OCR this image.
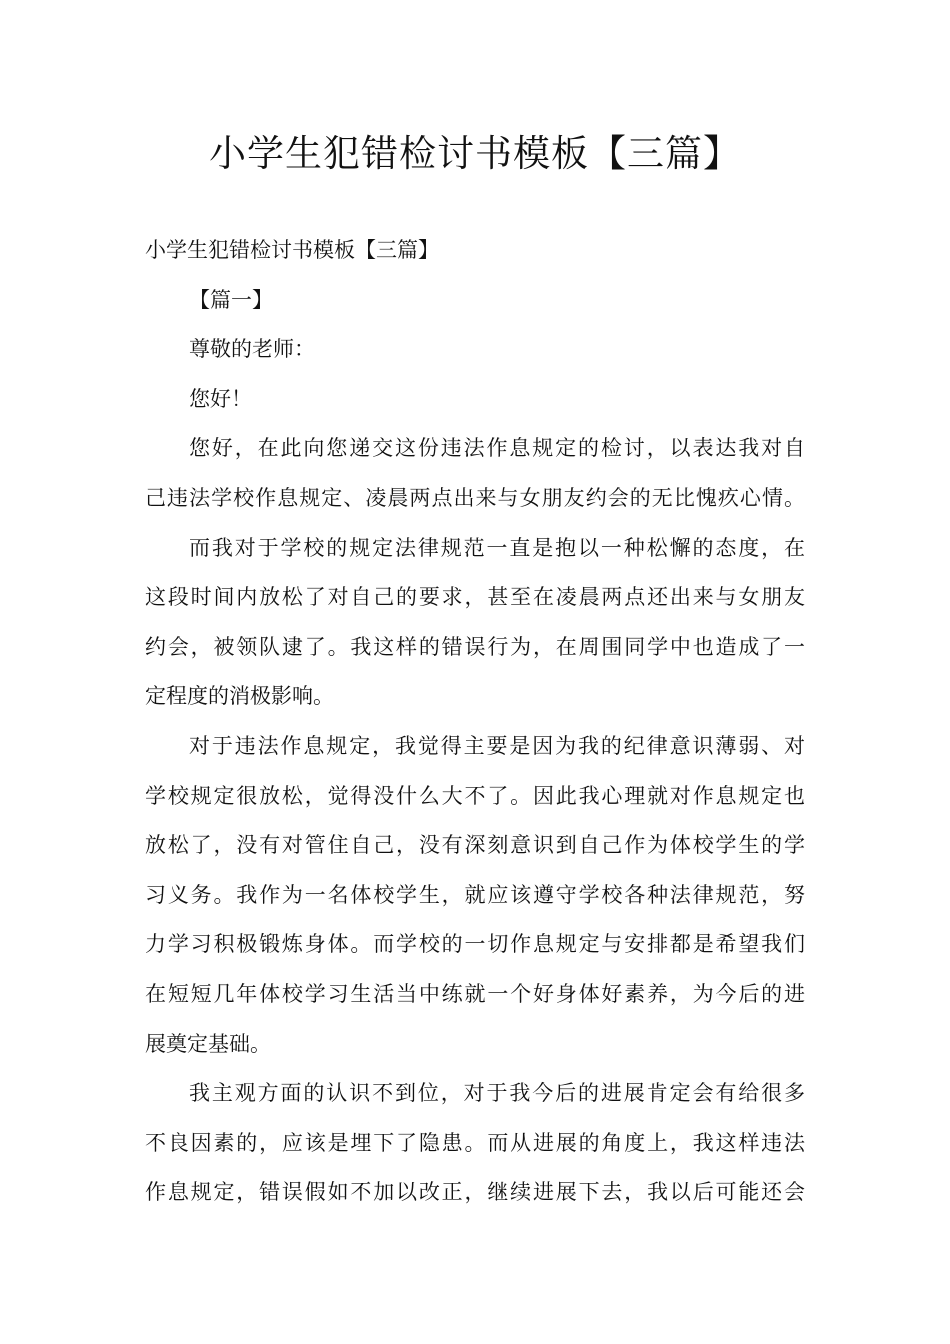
小学生犯错检讨书模板【三篇】
小学生犯错检讨书模板【三篇】
【篇一】
尊敬的老师：
您好！
您好，在此向您递交这份违法作息规定的检讨，以表达我对自
己违法学校作息规定、凌晨两点出来与女朋友约会的无比愧疚心情。
而我对于学校的规定法律规范一直是抱以一种松懈的态度，在
这段时间内放松了对自己的要求，甚至在凌晨两点还出来与女朋友
约会，被领队逮了。我这样的错误行为，在周围同学中也造成了一
定程度的消极影响。
对于违法作息规定，我觉得主要是因为我的纪律意识薄弱、对
学校规定很放松，觉得没什么大不了。因此我心理就对作息规定也
放松了，没有对管住自己，没有深刻意识到自己作为体校学生的学
习义务。我作为一名体校学生，就应该遵守学校各种法律规范，努
力学习积极锻炼身体。而学校的一切作息规定与安排都是希望我们
在短短几年体校学习生活当中练就一个好身体好素养，为今后的进
展奠定基础。
我主观方面的认识不到位，对于我今后的进展肯定会有给很多
不良因素的，应该是埋下了隐患。而从进展的角度上，我这样违法
作息规定，错误假如不加以改正，继续进展下去，我以后可能还会
